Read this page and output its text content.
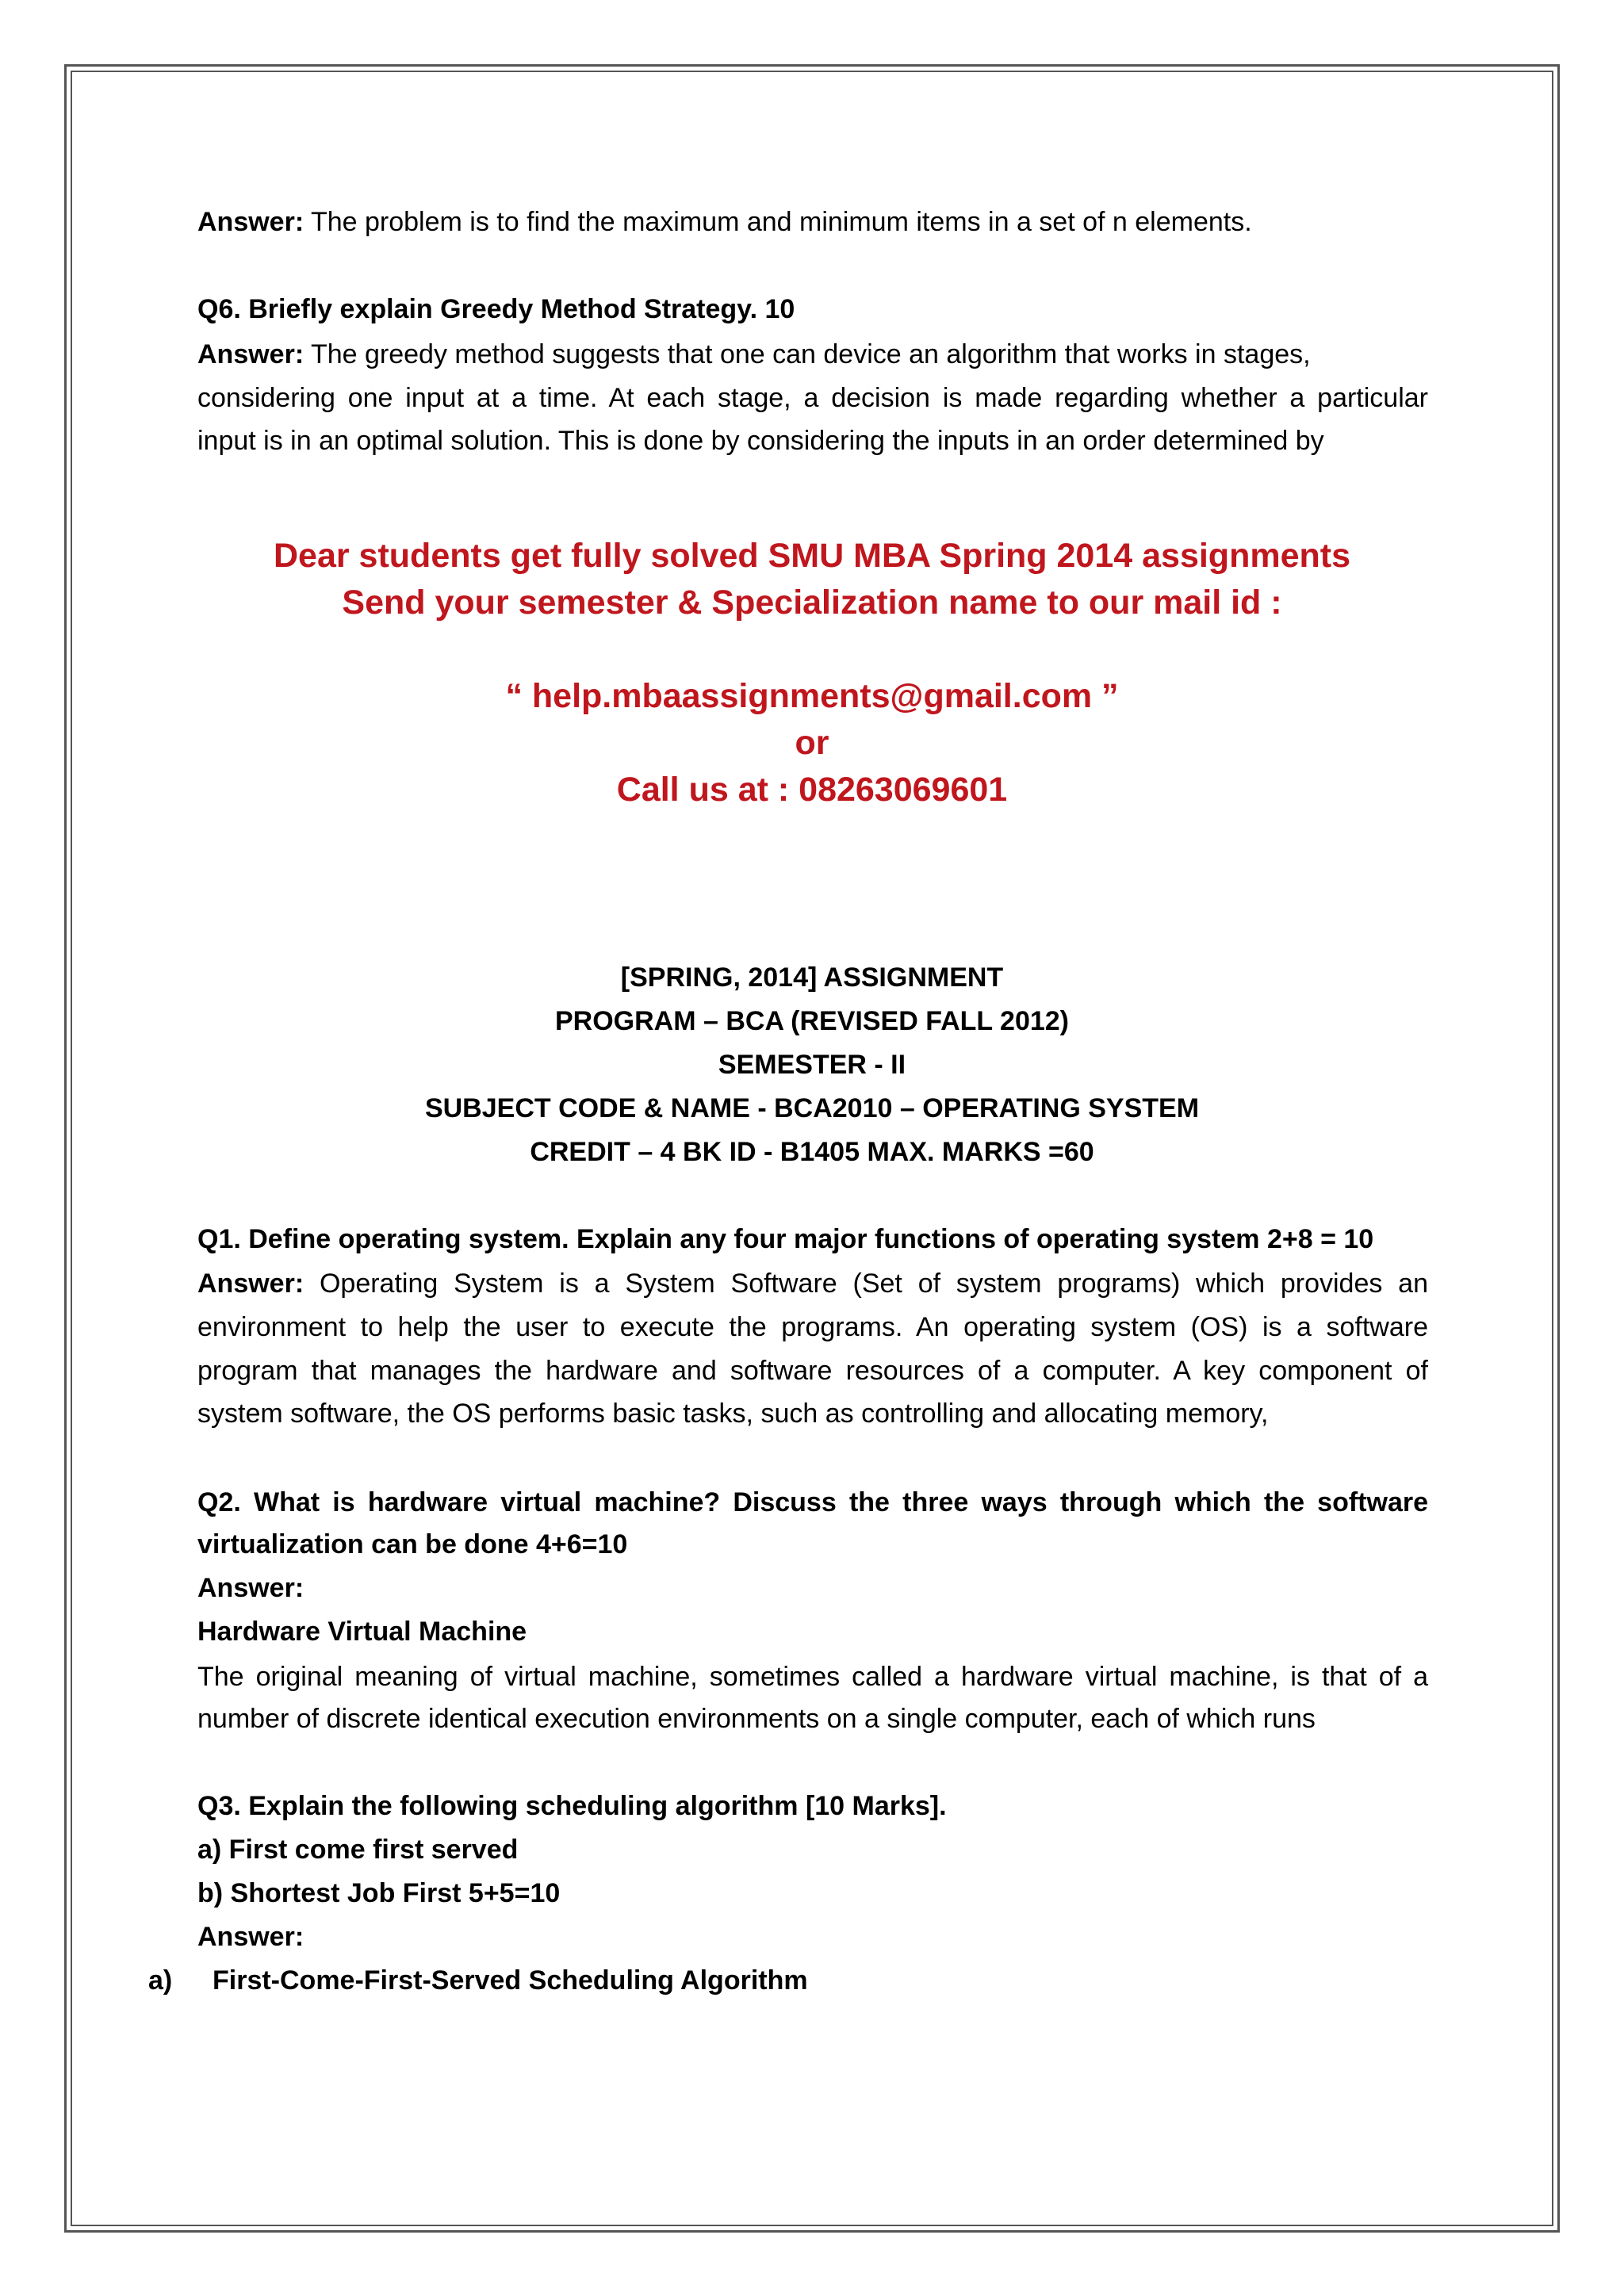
Answer: The problem is to find the maximum and minimum items in a set of n elements.
Q6. Briefly explain Greedy Method Strategy. 10
Answer: The greedy method suggests that one can device an algorithm that works in stages,
considering one input at a time. At each stage, a decision is made regarding whether a particular
input is in an optimal solution. This is done by considering the inputs in an order determined by
Dear students get fully solved SMU MBA Spring 2014 assignments
Send your semester & Specialization name to our mail id :
“ help.mbaassignments@gmail.com ”
or
Call us at : 08263069601
[SPRING, 2014] ASSIGNMENT
PROGRAM – BCA (REVISED FALL 2012)
SEMESTER - II
SUBJECT CODE & NAME - BCA2010 – OPERATING SYSTEM
CREDIT – 4 BK ID - B1405 MAX. MARKS =60
Q1. Define operating system. Explain any four major functions of operating system 2+8 = 10
Answer: Operating System is a System Software (Set of system programs) which provides an
environment to help the user to execute the programs. An operating system (OS) is a software
program that manages the hardware and software resources of a computer. A key component of
system software, the OS performs basic tasks, such as controlling and allocating memory,
Q2. What is hardware virtual machine? Discuss the three ways through which the software
virtualization can be done 4+6=10
Answer:
Hardware Virtual Machine
The original meaning of virtual machine, sometimes called a hardware virtual machine, is that of a
number of discrete identical execution environments on a single computer, each of which runs
Q3. Explain the following scheduling algorithm [10 Marks].
a) First come first served
b) Shortest Job First 5+5=10
Answer:
a) First-Come-First-Served Scheduling Algorithm
